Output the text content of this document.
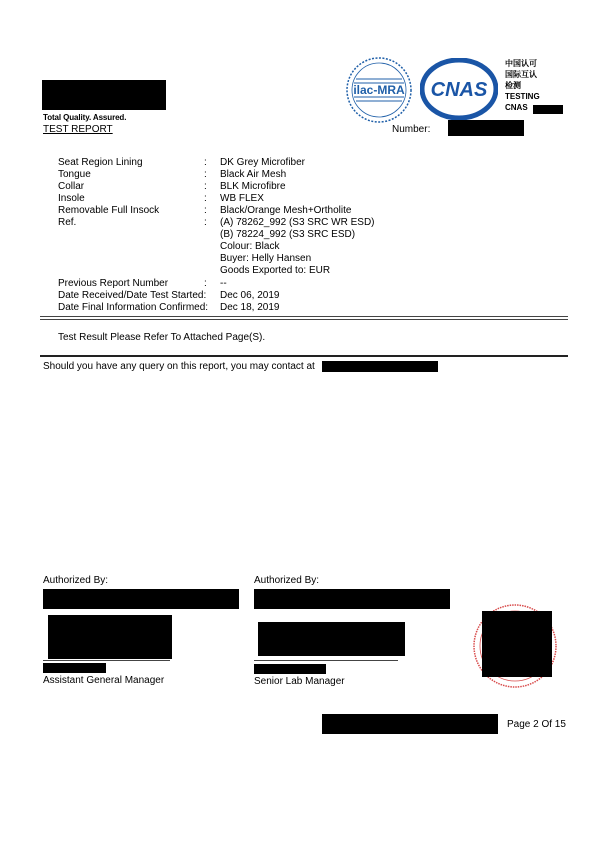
Total Quality. Assured.
TEST REPORT
ilac-MRA CNAS
中国认可
国际互认
检测
TESTING
CNAS
Number:
Seat Region Lining	: DK Grey Microfiber
Tongue	: Black Air Mesh
Collar	: BLK Microfibre
Insole	: WB FLEX
Removable Full Insock	: Black/Orange Mesh+Ortholite
Ref.	: (A) 78262_992 (S3 SRC WR ESD)
(B) 78224_992 (S3 SRC ESD)
Colour: Black
Buyer: Helly Hansen
Goods Exported to: EUR
Previous Report Number	: --
Date Received/Date Test Started: Dec 06, 2019
Date Final Information Confirmed: Dec 18, 2019
Test Result Please Refer To Attached Page(S).
Should you have any query on this report, you may contact at
Authorized By:
Assistant General Manager
Authorized By:
Senior Lab Manager
Page 2 Of 15
